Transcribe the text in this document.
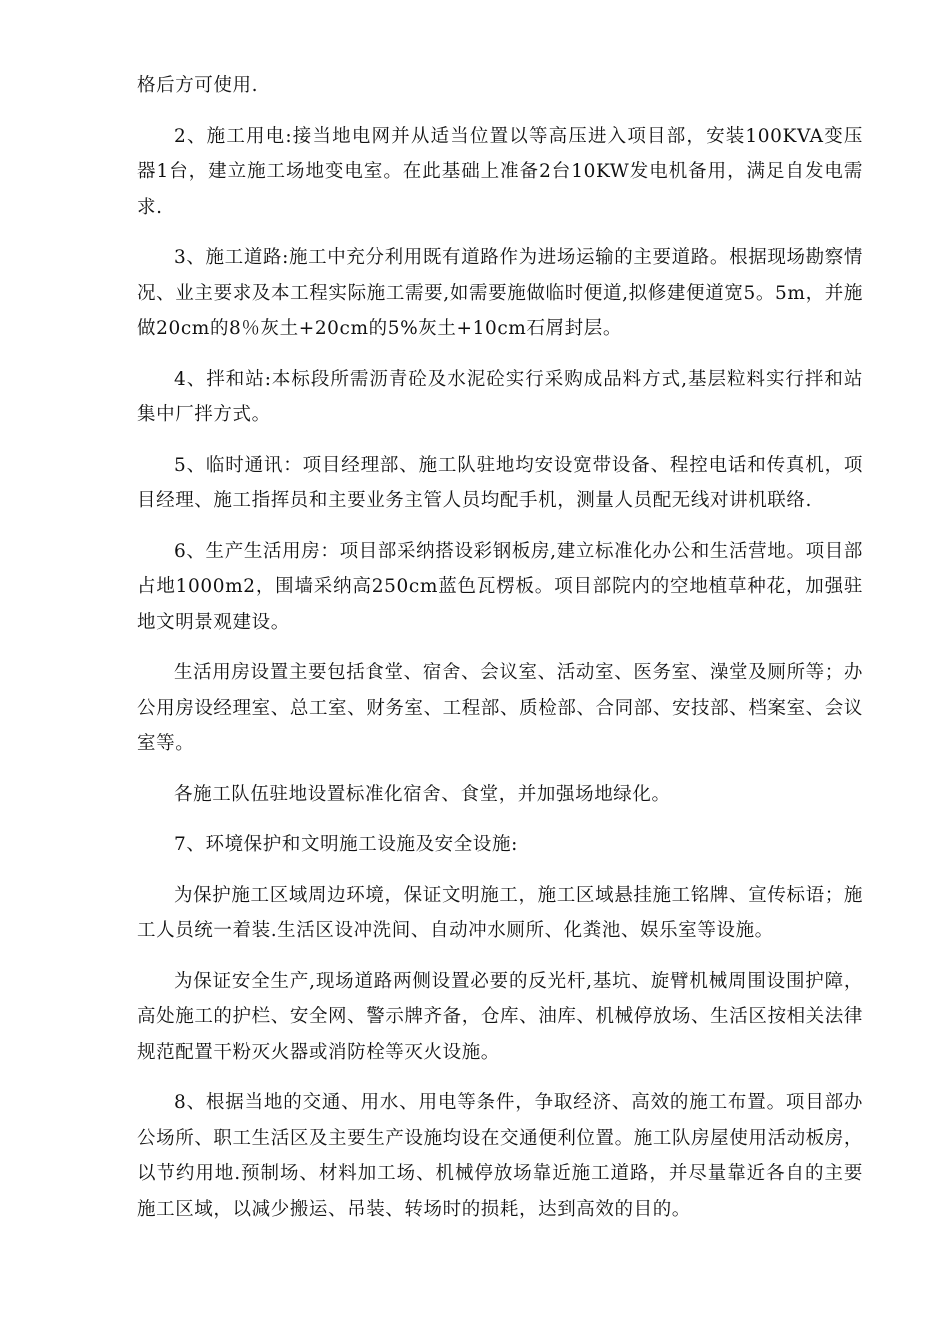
格后方可使用.

2、施工用电:接当地电网并从适当位置以等高压进入项目部，安装100KVA变压器1台，建立施工场地变电室。在此基础上准备2台10KW发电机备用，满足自发电需求.

3、施工道路:施工中充分利用既有道路作为进场运输的主要道路。根据现场勘察情况、业主要求及本工程实际施工需要,如需要施做临时便道,拟修建便道宽5。5m，并施做20cm的8％灰土+20cm的5%灰土+10cm石屑封层。

4、拌和站:本标段所需沥青砼及水泥砼实行采购成品料方式,基层粒料实行拌和站集中厂拌方式。

5、临时通讯：项目经理部、施工队驻地均安设宽带设备、程控电话和传真机，项目经理、施工指挥员和主要业务主管人员均配手机，测量人员配无线对讲机联络.

6、生产生活用房：项目部采纳搭设彩钢板房,建立标准化办公和生活营地。项目部占地1000m2，围墙采纳高250cm蓝色瓦楞板。项目部院内的空地植草种花，加强驻地文明景观建设。

生活用房设置主要包括食堂、宿舍、会议室、活动室、医务室、澡堂及厕所等；办公用房设经理室、总工室、财务室、工程部、质检部、合同部、安技部、档案室、会议室等。

各施工队伍驻地设置标准化宿舍、食堂，并加强场地绿化。

7、环境保护和文明施工设施及安全设施:

为保护施工区域周边环境，保证文明施工，施工区域悬挂施工铭牌、宣传标语；施工人员统一着装.生活区设冲洗间、自动冲水厕所、化粪池、娱乐室等设施。

为保证安全生产,现场道路两侧设置必要的反光杆,基坑、旋臂机械周围设围护障，高处施工的护栏、安全网、警示牌齐备，仓库、油库、机械停放场、生活区按相关法律规范配置干粉灭火器或消防栓等灭火设施。

8、根据当地的交通、用水、用电等条件，争取经济、高效的施工布置。项目部办公场所、职工生活区及主要生产设施均设在交通便利位置。施工队房屋使用活动板房，以节约用地.预制场、材料加工场、机械停放场靠近施工道路，并尽量靠近各自的主要施工区域，以减少搬运、吊装、转场时的损耗，达到高效的目的。
